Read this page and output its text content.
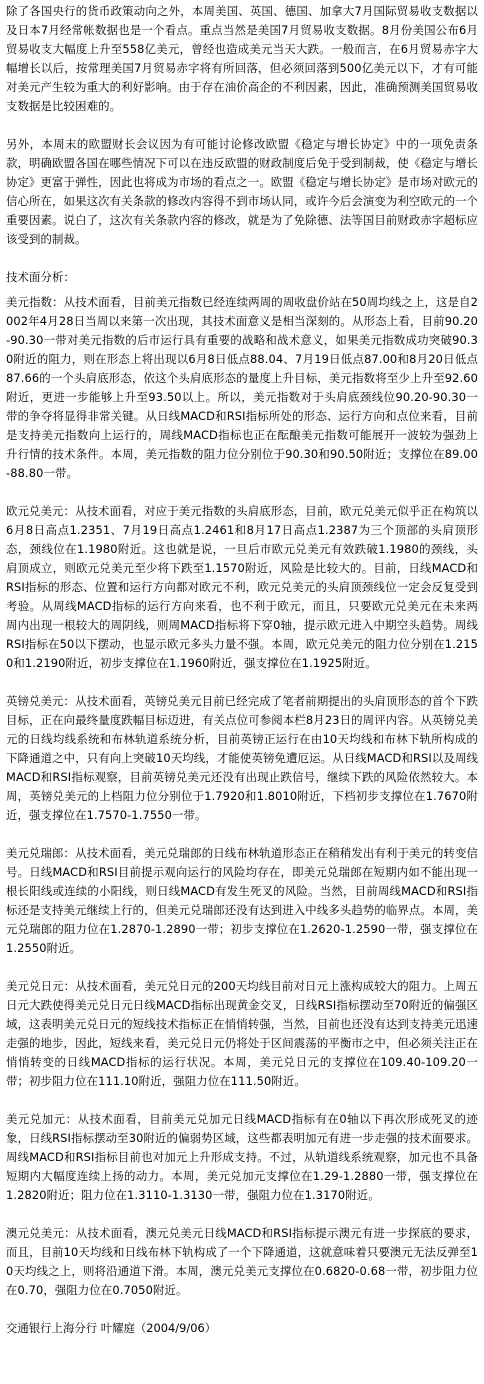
除了各国央行的货币政策动向之外，本周美国、英国、德国、加拿大7月国际贸易收支数据以及日本7月经常帐数据也是一个看点。重点当然是美国7月贸易收支数据。8月份美国公布6月贸易收支大幅度上升至558亿美元，曾经也造成美元当天大跌。一般而言，在6月贸易赤字大幅增长以后，按常理美国7月贸易赤字将有所回落，但必须回落到500亿美元以下，才有可能对美元产生较为重大的利好影响。由于存在油价高企的不利因素，因此，准确预测美国贸易收支数据是比较困难的。

另外，本周末的欧盟财长会议因为有可能讨论修改欧盟《稳定与增长协定》中的一项免责条款，明确欧盟各国在哪些情况下可以在违反欧盟的财政制度后免于受到制裁，使《稳定与增长协定》更富于弹性，因此也将成为市场的看点之一。欧盟《稳定与增长协定》是市场对欧元的信心所在，如果这次有关条款的修改内容得不到市场认同，或许今后会演变为利空欧元的一个重要因素。说白了，这次有关条款内容的修改，就是为了免除德、法等国目前财政赤字超标应该受到的制裁。

技术面分析：

美元指数：从技术面看，目前美元指数已经连续两周的周收盘价站在50周均线之上，这是自2002年4月28日当周以来第一次出现，其技术面意义是相当深刻的。从形态上看，目前90.20-90.30一带对美元指数的后市运行具有重要的战略和战术意义，如果美元指数成功突破90.30附近的阻力，则在形态上将出现以6月8日低点88.04、7月19日低点87.00和8月20日低点87.66的一个头肩底形态，依这个头肩底形态的量度上升目标，美元指数将至少上升至92.60附近，更进一步能够上升至93.50以上。所以，美元指数对于头肩底颈线位90.20-90.30一带的争夺将显得非常关键。从日线MACD和RSI指标所处的形态、运行方向和点位来看，目前是支持美元指数向上运行的，周线MACD指标也正在酝酿美元指数可能展开一波较为强劲上升行情的技术条件。本周，美元指数的阻力位分别位于90.30和90.50附近；支撑位在89.00-88.80一带。

欧元兑美元：从技术面看，对应于美元指数的头肩底形态，目前，欧元兑美元似乎正在构筑以6月8日高点1.2351、7月19日高点1.2461和8月17日高点1.2387为三个顶部的头肩顶形态，颈线位在1.1980附近。这也就是说，一旦后市欧元兑美元有效跌破1.1980的颈线，头肩顶成立，则欧元兑美元至少将下跌至1.1570附近，风险是比较大的。目前，日线MACD和RSI指标的形态、位置和运行方向都对欧元不利，欧元兑美元的头肩顶颈线位一定会反复受到考验。从周线MACD指标的运行方向来看，也不利于欧元，而且，只要欧元兑美元在未来两周内出现一根较大的周阴线，则周MACD指标将下穿0轴，提示欧元进入中期空头趋势。周线RSI指标在50以下摆动，也显示欧元多头力量不强。本周，欧元兑美元的阻力位分别在1.2150和1.2190附近，初步支撑位在1.1960附近，强支撑位在1.1925附近。

英镑兑美元：从技术面看，英镑兑美元目前已经完成了笔者前期提出的头肩顶形态的首个下跌目标，正在向最终量度跌幅目标迈进，有关点位可参阅本栏8月23日的周评内容。从英镑兑美元的日线均线系统和布林轨道系统分析，目前英镑正运行在由10天均线和布林下轨所构成的下降通道之中，只有向上突破10天均线，才能使英镑免遭厄运。从日线MACD和RSI以及周线MACD和RSI指标观察，目前英镑兑美元还没有出现止跌信号，继续下跌的风险依然较大。本周，英镑兑美元的上档阻力位分别位于1.7920和1.8010附近，下档初步支撑位在1.7670附近，强支撑位在1.7570-1.7550一带。

美元兑瑞郎：从技术面看，美元兑瑞郎的日线布林轨道形态正在稍稍发出有利于美元的转变信号。日线MACD和RSI目前提示观向运行的风险均存在，即美元兑瑞郎在短期内如不能出现一根长阳线或连续的小阳线，则日线MACD有发生死叉的风险。当然，目前周线MACD和RSI指标还是支持美元继续上行的，但美元兑瑞郎还没有达到进入中线多头趋势的临界点。本周，美元兑瑞郎的阻力位在1.2870-1.2890一带；初步支撑位在1.2620-1.2590一带，强支撑位在1.2550附近。

美元兑日元：从技术面看，美元兑日元的200天均线目前对日元上涨构成较大的阻力。上周五日元大跌使得美元兑日元日线MACD指标出现黄金交叉，日线RSI指标摆动至70附近的偏强区域，这表明美元兑日元的短线技术指标正在悄悄转强，当然，目前也还没有达到支持美元迅速走强的地步，因此，短线来看，美元兑日元仍将处于区间震荡的平衡市之中，但必须关注正在悄悄转变的日线MACD指标的运行状况。本周，美元兑日元的支撑位在109.40-109.20一带；初步阻力位在111.10附近，强阻力位在111.50附近。

美元兑加元：从技术面看，目前美元兑加元日线MACD指标有在0轴以下再次形成死叉的迹象，日线RSI指标摆动至30附近的偏弱势区域，这些都表明加元有进一步走强的技术面要求。周线MACD和RSI指标目前也对加元上升形成支持。不过，从轨道线系统观察，加元也不具备短期内大幅度连续上扬的动力。本周，美元兑加元支撑位在1.29-1.2880一带，强支撑位在1.2820附近；阻力位在1.3110-1.3130一带，强阻力位在1.3170附近。

澳元兑美元：从技术面看，澳元兑美元日线MACD和RSI指标提示澳元有进一步探底的要求，而且，目前10天均线和日线布林下轨构成了一个下降通道，这就意味着只要澳元无法反弹至10天均线之上，则将沿通道下滑。本周，澳元兑美元支撑位在0.6820-0.68一带，初步阻力位在0.70，强阻力位在0.7050附近。

交通银行上海分行 叶耀庭（2004/9/06）
